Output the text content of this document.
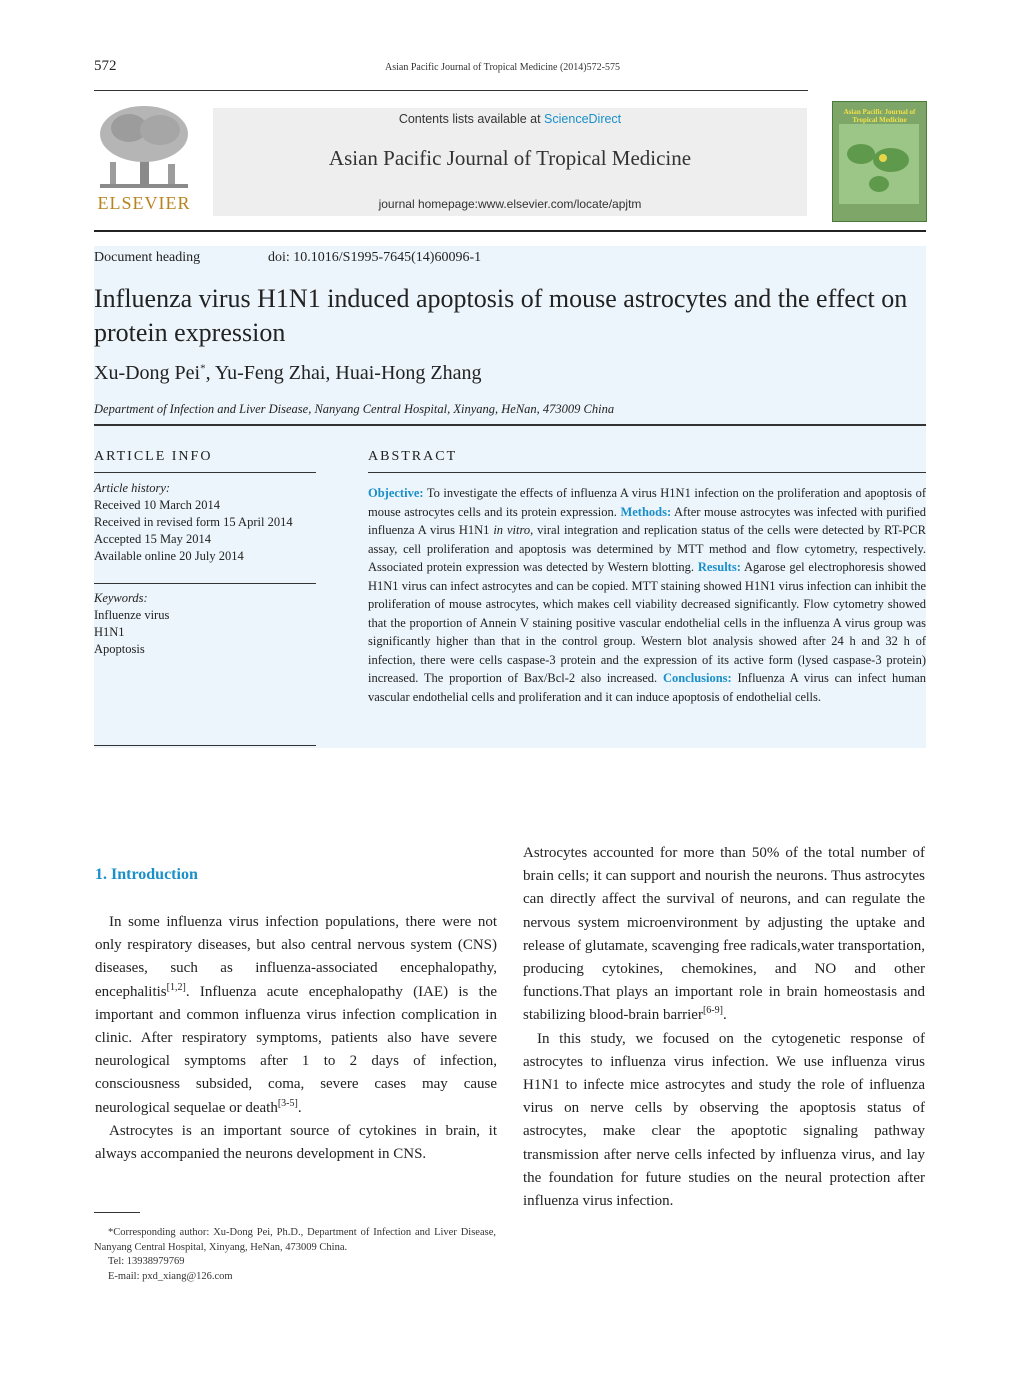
572	Asian Pacific Journal of Tropical Medicine (2014)572-575
ELSEVIER
Contents lists available at ScienceDirect
Asian Pacific Journal of Tropical Medicine
journal homepage:www.elsevier.com/locate/apjtm
Asian Pacific Journal of Tropical Medicine
Document heading	doi: 10.1016/S1995-7645(14)60096-1
Influenza virus H1N1 induced apoptosis of mouse astrocytes and the effect on protein expression
Xu-Dong Pei*, Yu-Feng Zhai, Huai-Hong Zhang
Department of Infection and Liver Disease, Nanyang Central Hospital, Xinyang, HeNan, 473009 China
ARTICLE INFO
Article history:
Received 10 March 2014
Received in revised form 15 April 2014
Accepted 15 May 2014
Available online 20 July 2014
Keywords:
Influenze virus
H1N1
Apoptosis
ABSTRACT
Objective: To investigate the effects of influenza A virus H1N1 infection on the proliferation and apoptosis of mouse astrocytes cells and its protein expression. Methods: After mouse astrocytes was infected with purified influenza A virus H1N1 in vitro, viral integration and replication status of the cells were detected by RT-PCR assay, cell proliferation and apoptosis was determined by MTT method and flow cytometry, respectively. Associated protein expression was detected by Western blotting. Results: Agarose gel electrophoresis showed H1N1 virus can infect astrocytes and can be copied. MTT staining showed H1N1 virus infection can inhibit the proliferation of mouse astrocytes, which makes cell viability decreased significantly. Flow cytometry showed that the proportion of Annein V staining positive vascular endothelial cells in the influenza A virus group was significantly higher than that in the control group. Western blot analysis showed after 24 h and 32 h of infection, there were cells caspase-3 protein and the expression of its active form (lysed caspase-3 protein) increased. The proportion of Bax/Bcl-2 also increased. Conclusions: Influenza A virus can infect human vascular endothelial cells and proliferation and it can induce apoptosis of endothelial cells.
1. Introduction

In some influenza virus infection populations, there were not only respiratory diseases, but also central nervous system (CNS) diseases, such as influenza-associated encephalopathy, encephalitis[1,2]. Influenza acute encephalopathy (IAE) is the important and common influenza virus infection complication in clinic. After respiratory symptoms, patients also have severe neurological symptoms after 1 to 2 days of infection, consciousness subsided, coma, severe cases may cause neurological sequelae or death[3-5].

Astrocytes is an important source of cytokines in brain, it always accompanied the neurons development in CNS.

Astrocytes accounted for more than 50% of the total number of brain cells; it can support and nourish the neurons. Thus astrocytes can directly affect the survival of neurons, and can regulate the nervous system microenvironment by adjusting the uptake and release of glutamate, scavenging free radicals,water transportation, producing cytokines, chemokines, and NO and other functions.That plays an important role in brain homeostasis and stabilizing blood-brain barrier[6-9].

In this study, we focused on the cytogenetic response of astrocytes to influenza virus infection. We use influenza virus H1N1 to infecte mice astrocytes and study the role of influenza virus on nerve cells by observing the apoptosis status of astrocytes, make clear the apoptotic signaling pathway transmission after nerve cells infected by influenza virus, and lay the foundation for future studies on the neural protection after influenza virus infection.

*Corresponding author: Xu-Dong Pei, Ph.D., Department of Infection and Liver Disease, Nanyang Central Hospital, Xinyang, HeNan, 473009 China.
Tel: 13938979769
E-mail: pxd_xiang@126.com
